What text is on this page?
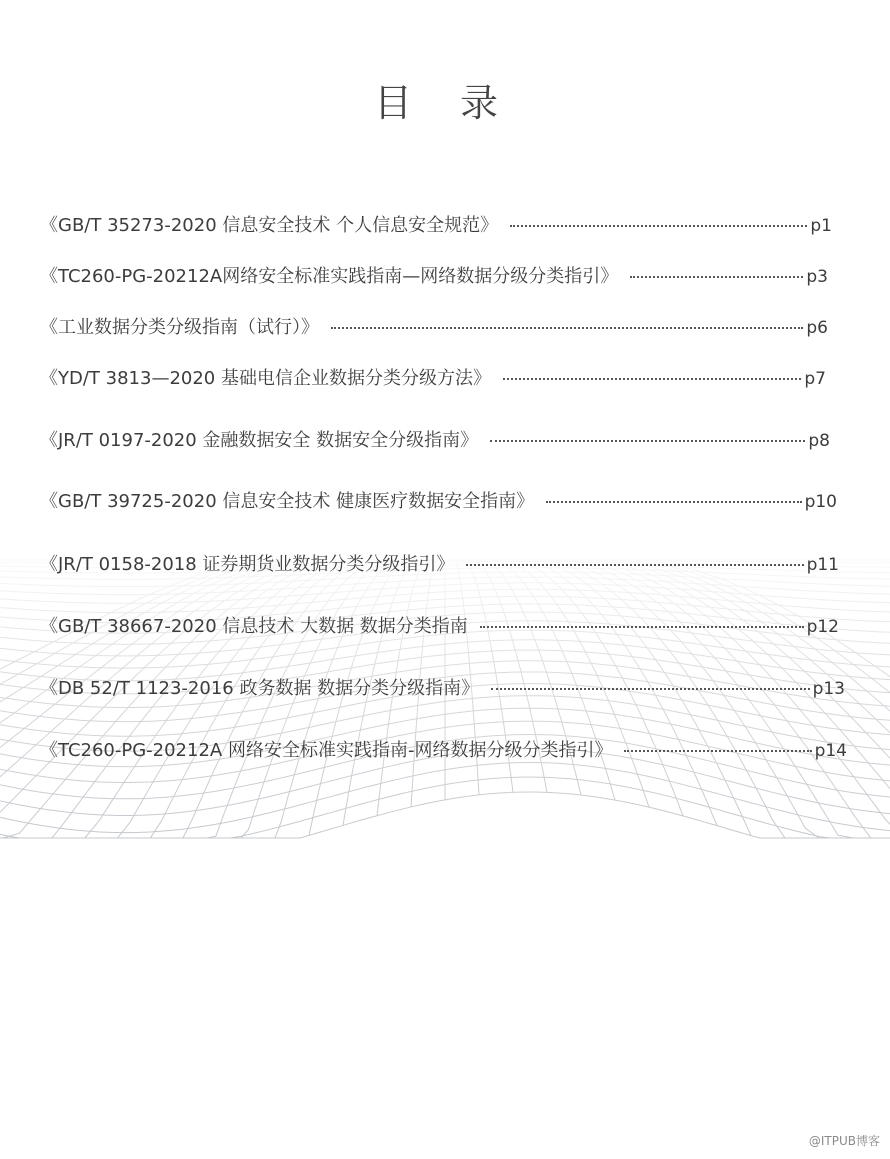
目 录
《GB/T 35273-2020 信息安全技术 个人信息安全规范》	p1
《TC260-PG-20212A网络安全标准实践指南—网络数据分级分类指引》	p3
《工业数据分类分级指南（试行）》	p6
《YD/T 3813—2020 基础电信企业数据分类分级方法》	p7
《JR/T 0197-2020 金融数据安全 数据安全分级指南》	p8
《GB/T 39725-2020 信息安全技术 健康医疗数据安全指南》	p10
《JR/T 0158-2018 证券期货业数据分类分级指引》	p11
《GB/T 38667-2020 信息技术 大数据 数据分类指南	p12
《DB 52/T 1123-2016 政务数据 数据分类分级指南》	p13
《TC260-PG-20212A 网络安全标准实践指南-网络数据分级分类指引》	p14
@ITPUB博客
